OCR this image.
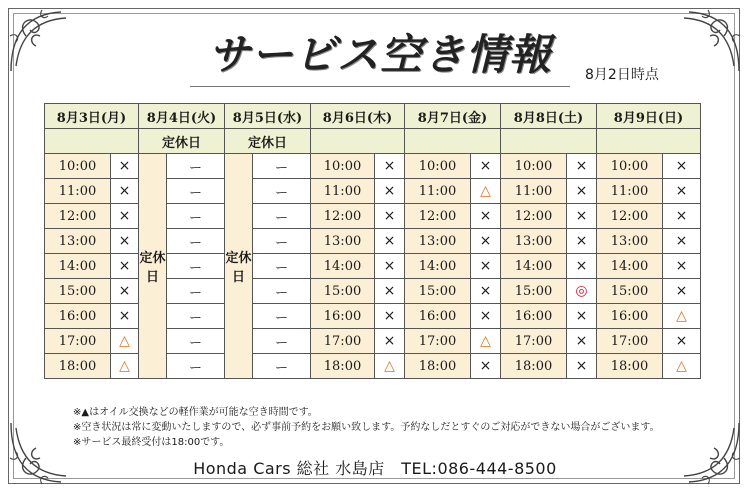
サービス空き情報	8月2日時点
8月3日(月)		8月4日(火)		8月5日(水)		8月6日(木)		8月7日(金)		8月8日(土)		8月9日(日)	
		定休日		定休日									
10:00	×	定休日	ー	定休日	ー	10:00	×	10:00	×	10:00	×	10:00	×
11:00	×		ー		ー	11:00	×	11:00	△	11:00	×	11:00	×
12:00	×		ー		ー	12:00	×	12:00	×	12:00	×	12:00	×
13:00	×		ー		ー	13:00	×	13:00	×	13:00	×	13:00	×
14:00	×		ー		ー	14:00	×	14:00	×	14:00	×	14:00	×
15:00	×		ー		ー	15:00	×	15:00	×	15:00	◎	15:00	×
16:00	×		ー		ー	16:00	×	16:00	×	16:00	×	16:00	△
17:00	△		ー		ー	17:00	×	17:00	△	17:00	×	17:00	×
18:00	△		ー		ー	18:00	△	18:00	×	18:00	×	18:00	△
※▲はオイル交換などの軽作業が可能な空き時間です。
※空き状況は常に変動いたしますので、必ず事前予約をお願い致します。予約なしだとすぐのご対応ができない場合がございます。
※サービス最終受付は18:00です。
Honda Cars 総社 水島店　TEL:086-444-8500
